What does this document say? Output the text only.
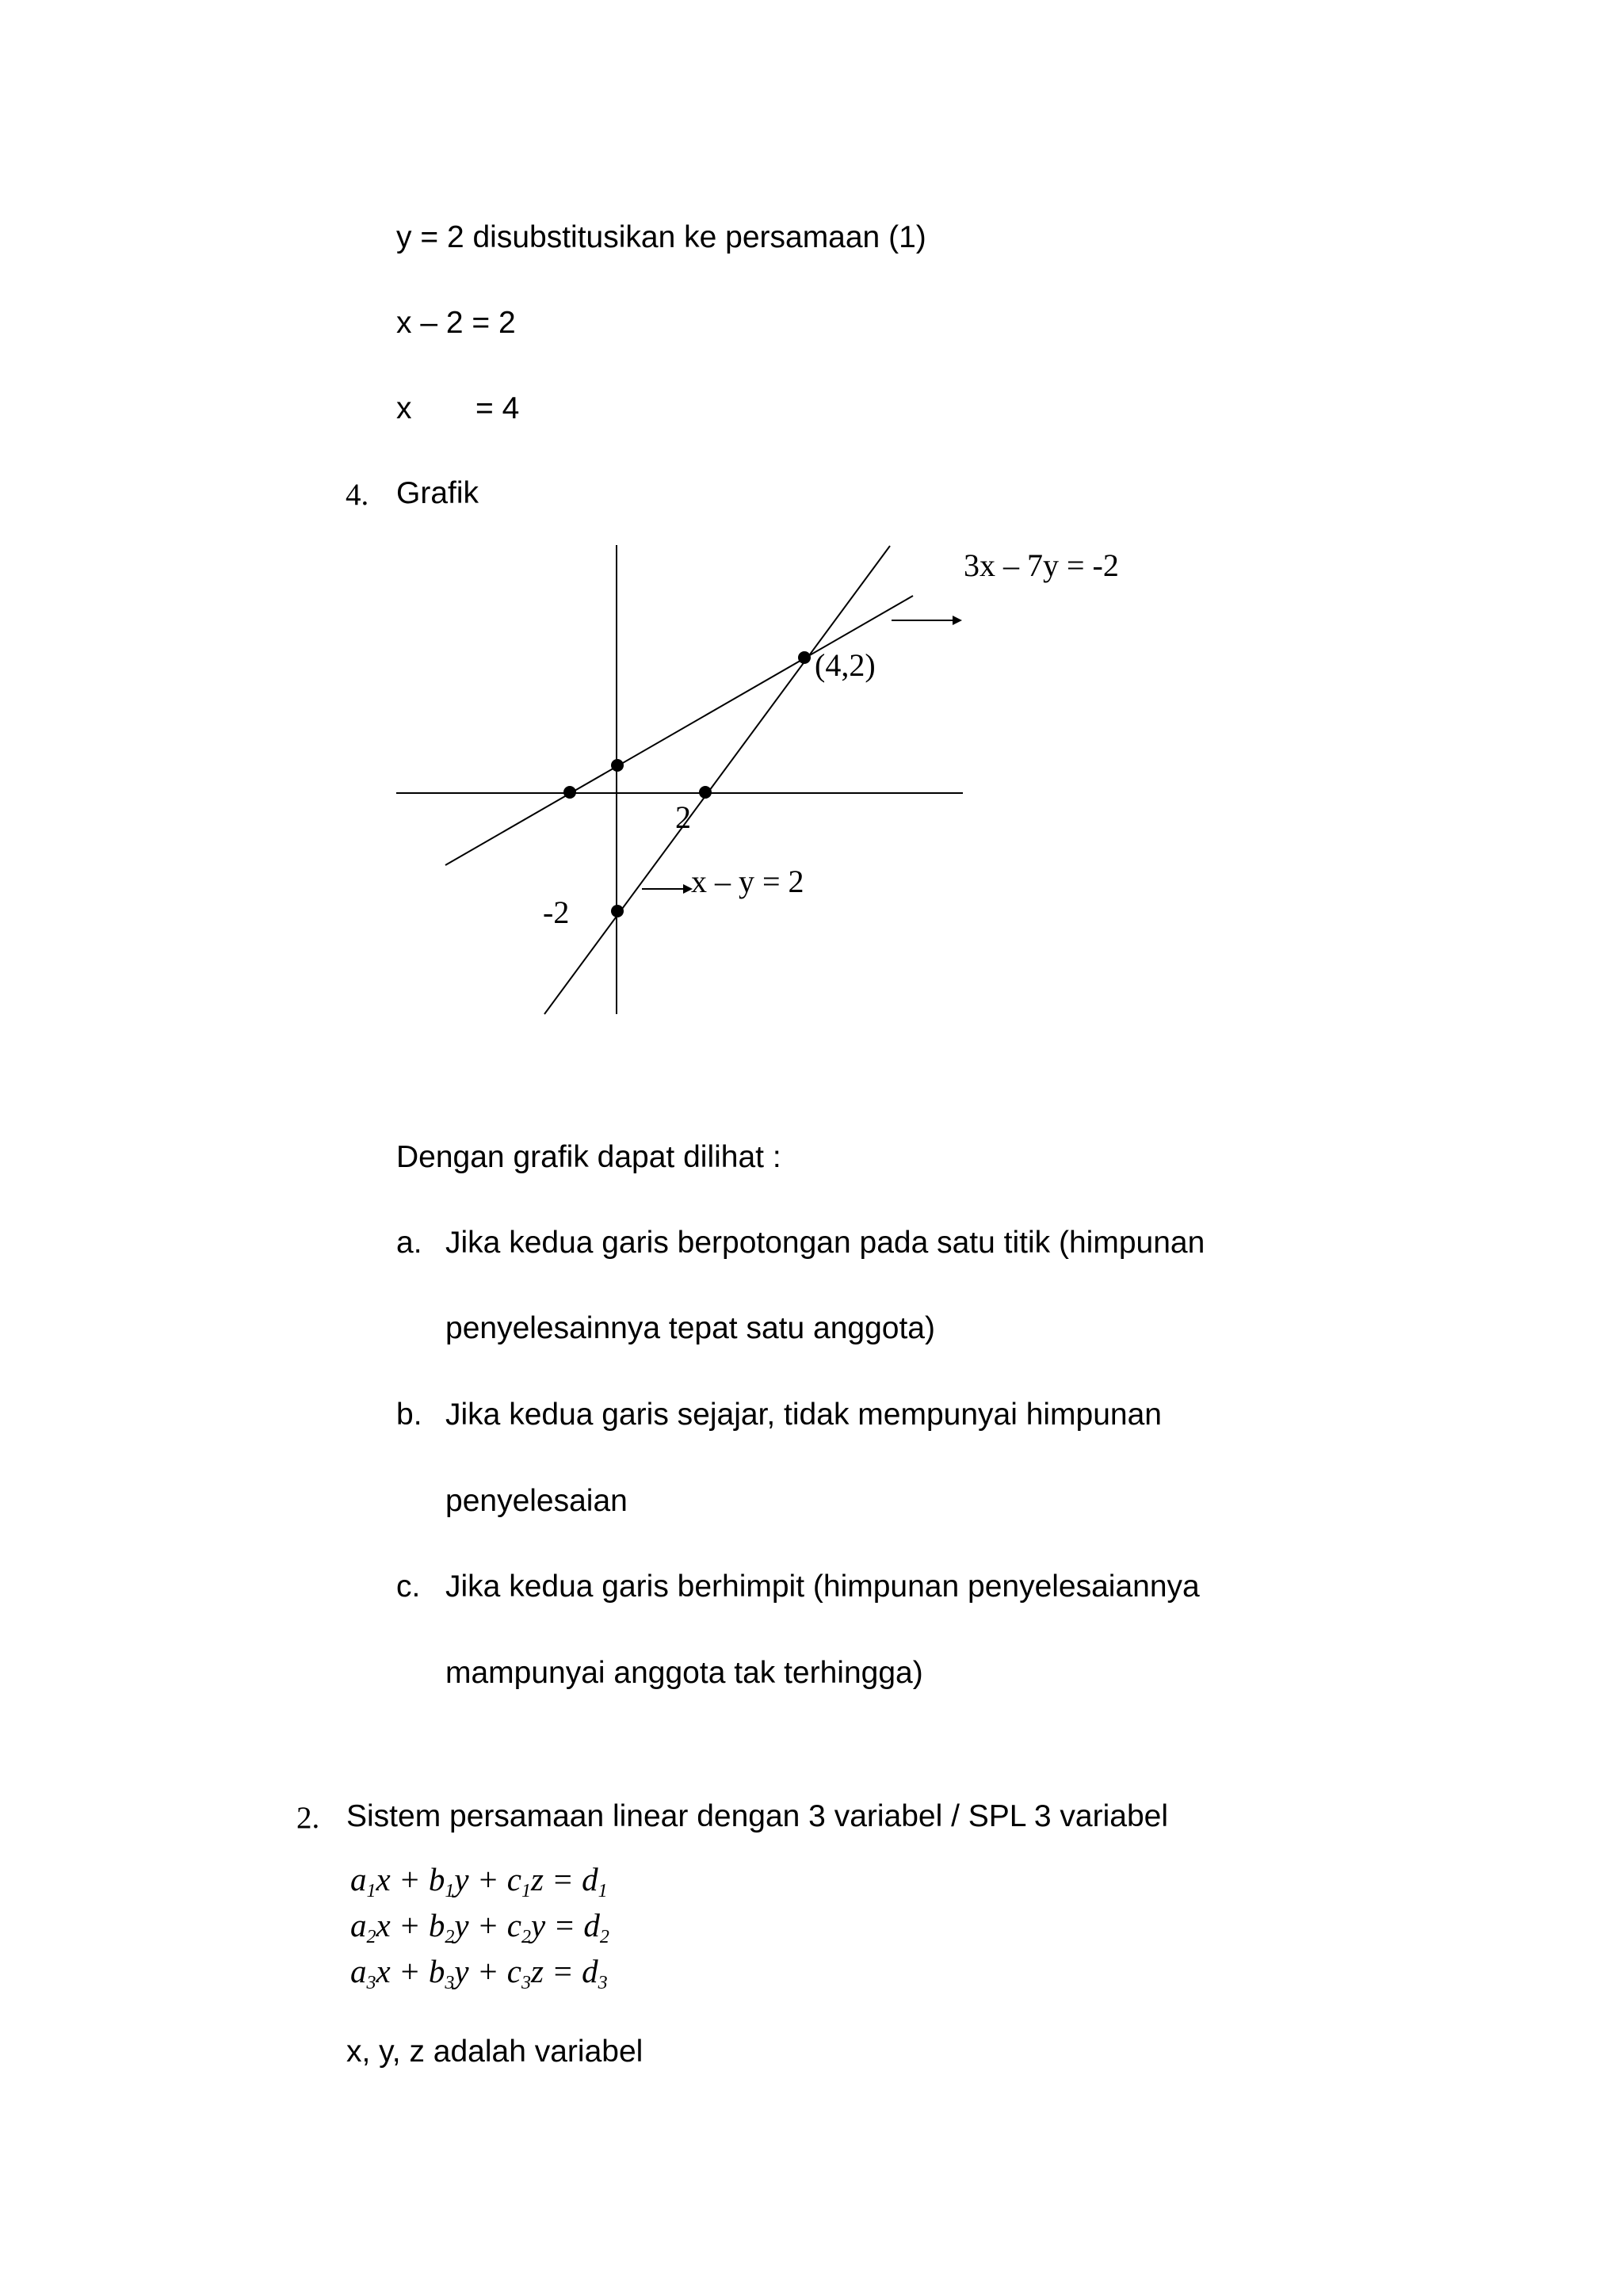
y = 2 disubstitusikan ke persamaan (1)
x – 2 = 2
x = 4
4. Grafik
3x – 7y = -2
x – y = 2
(4,2)
2
-2
Dengan grafik dapat dilihat :
a. Jika kedua garis berpotongan pada satu titik (himpunan
penyelesainnya tepat satu anggota)
b. Jika kedua garis sejajar, tidak mempunyai himpunan
penyelesaian
c. Jika kedua garis berhimpit (himpunan penyelesaiannya
mampunyai anggota tak terhingga)
2. Sistem persamaan linear dengan 3 variabel / SPL 3 variabel
$a_1x + b_1y + c_1z = d_1$
$a_2x + b_2y + c_2y = d_2$
$a_3x + b_3y + c_3z = d_3$
x, y, z adalah variabel
